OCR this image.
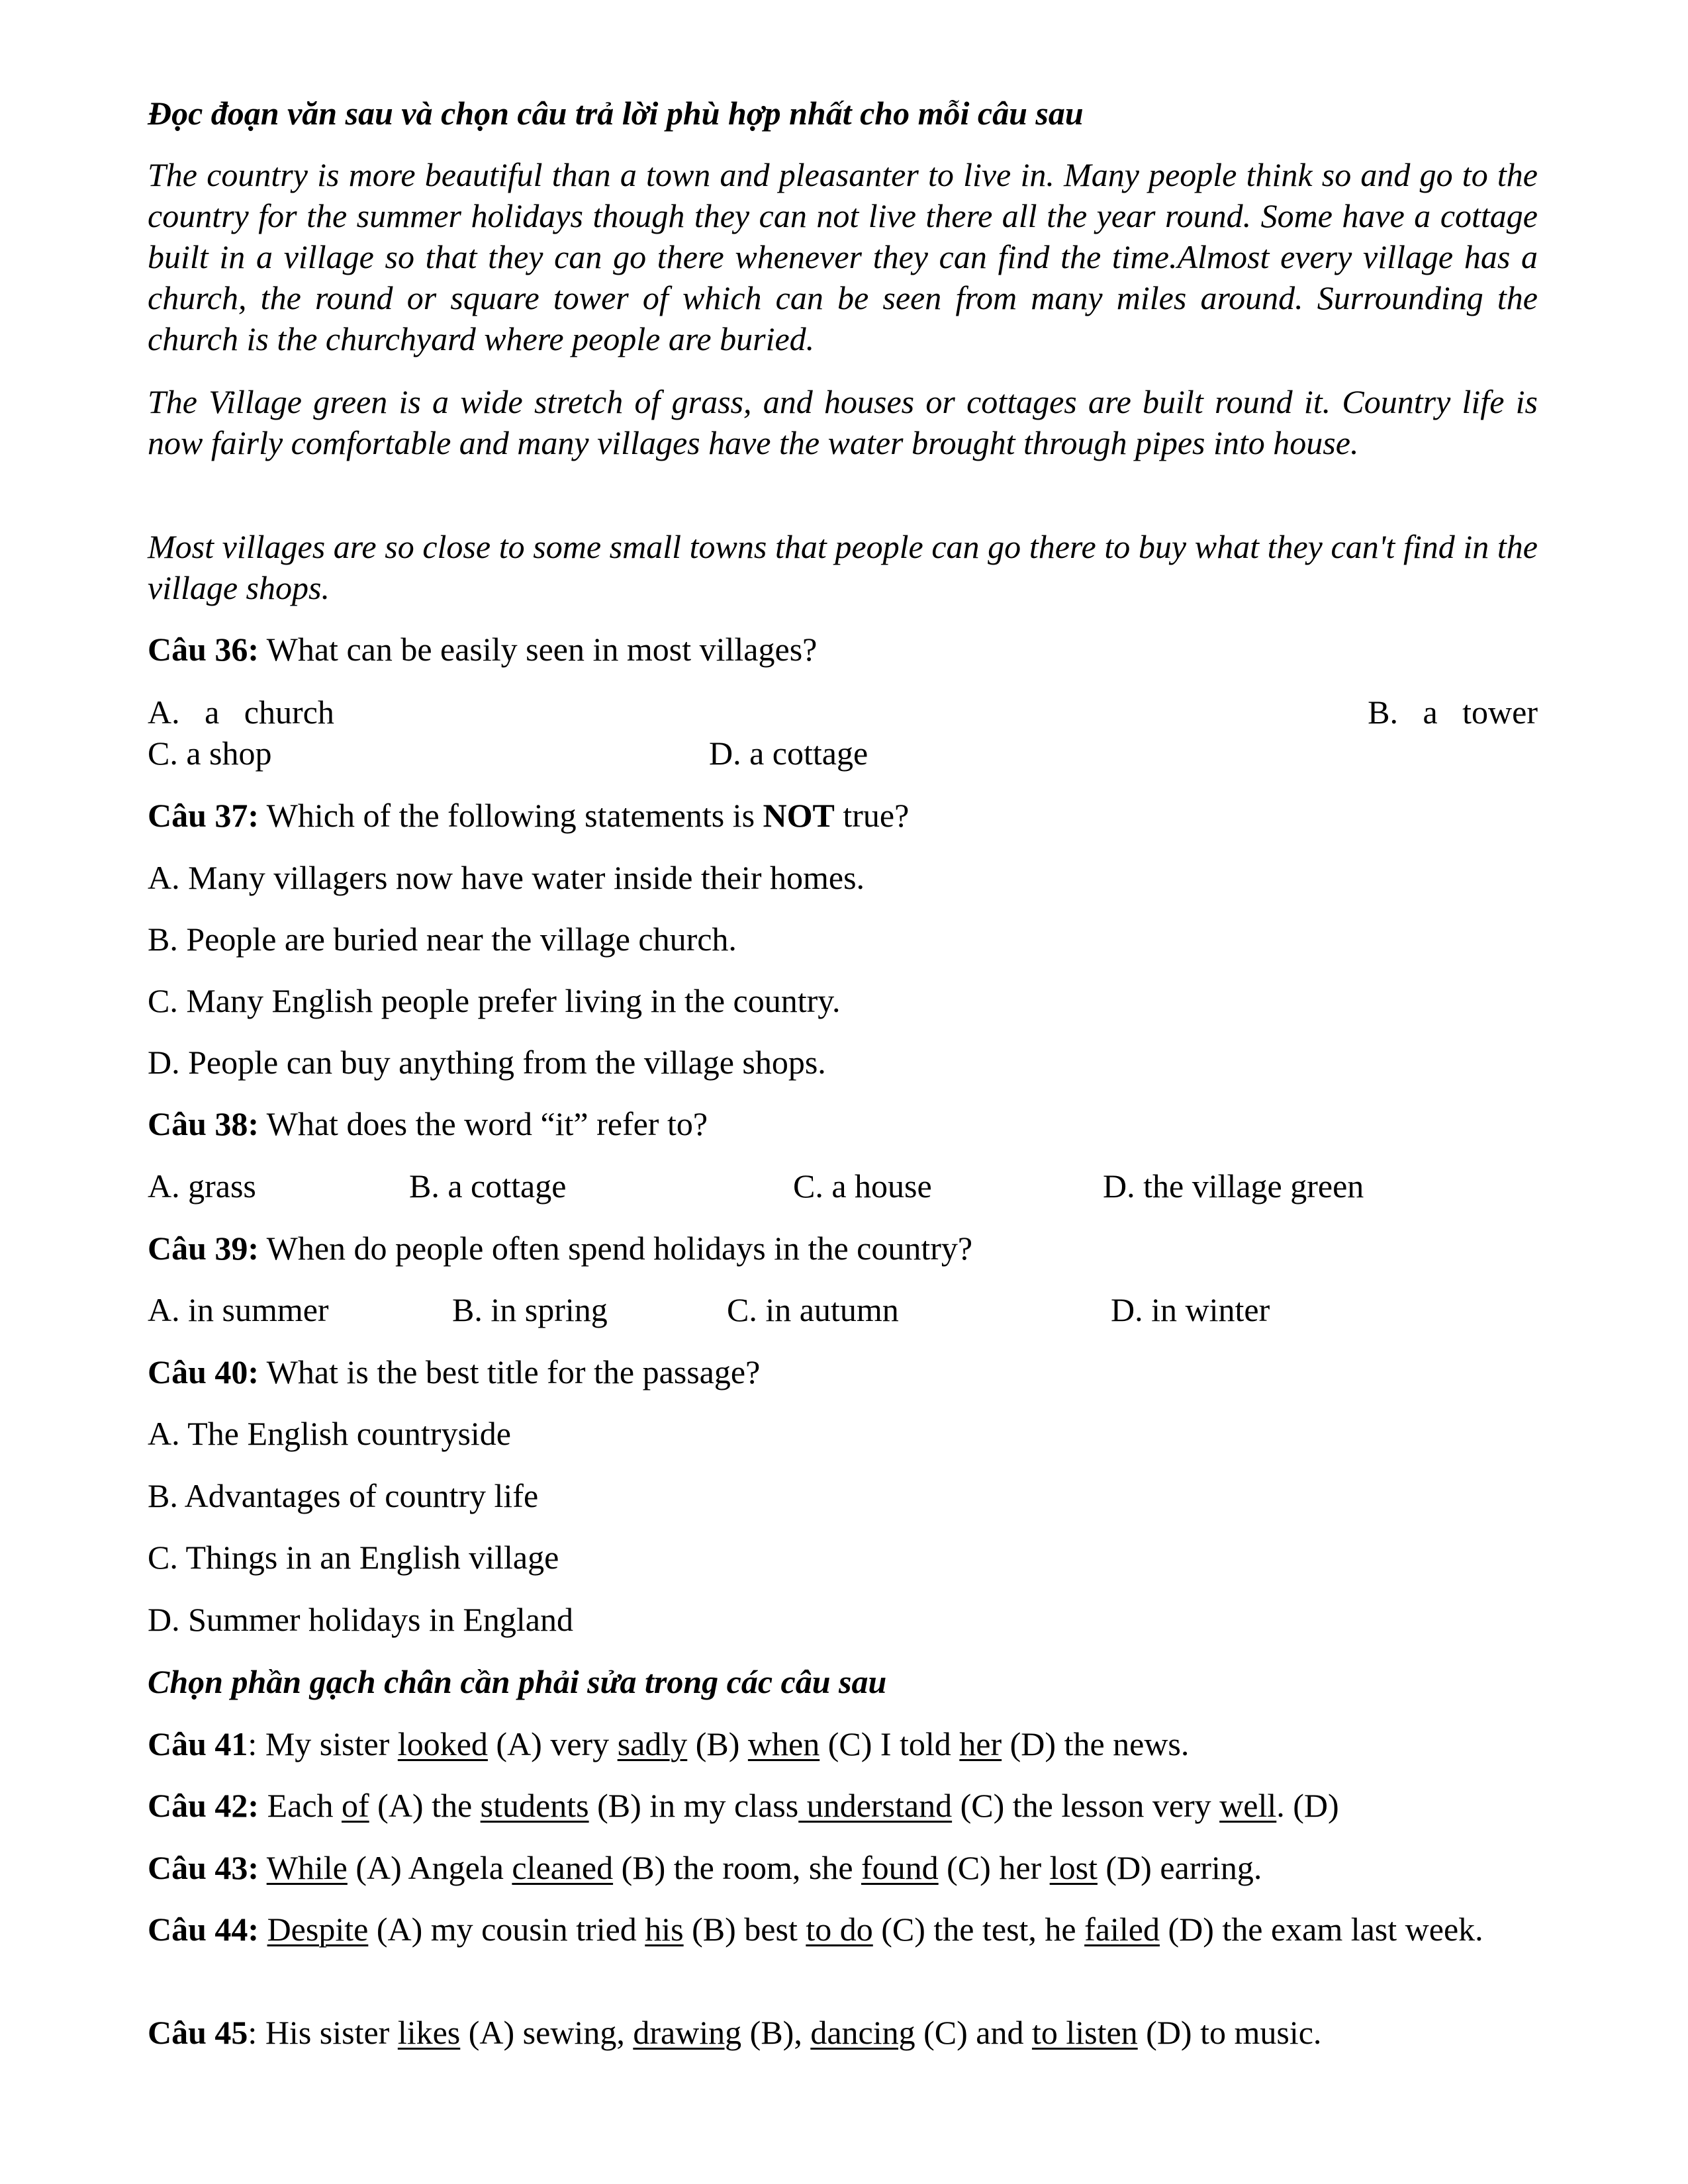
Đọc đoạn văn sau và chọn câu trả lời phù hợp nhất cho mỗi câu sau

The country is more beautiful than a town and pleasanter to live in. Many people think so and go to the country for the summer holidays though they can not live there all the year round. Some have a cottage built in a village so that they can go there whenever they can find the time.Almost every village has a church, the round or square tower of which can be seen from many miles around. Surrounding the church is the churchyard where people are buried.

The Village green is a wide stretch of grass, and houses or cottages are built round it. Country life is now fairly comfortable and many villages have the water brought through pipes into house.

Most villages are so close to some small towns that people can go there to buy what they can't find in the village shops.

Câu 36: What can be easily seen in most villages?

A.   a   church	B.   a   tower
C. a shop	D. a cottage

Câu 37: Which of the following statements is NOT true?

A. Many villagers now have water inside their homes.

B. People are buried near the village church.

C. Many English people prefer living in the country.

D. People can buy anything from the village shops.

Câu 38: What does the word “it” refer to?

A. grass	B. a cottage	C. a house	D. the village green

Câu 39: When do people often spend holidays in the country?

A. in summer	B. in spring	C. in autumn	D. in winter

Câu 40: What is the best title for the passage?

A. The English countryside

B. Advantages of country life

C. Things in an English village

D. Summer holidays in England

Chọn phần gạch chân cần phải sửa trong các câu sau

Câu 41: My sister looked (A) very sadly (B) when (C) I told her (D) the news.

Câu 42: Each of (A) the students (B) in my class understand (C) the lesson very well. (D)

Câu 43: While (A) Angela cleaned (B) the room, she found (C) her lost (D) earring.

Câu 44: Despite (A) my cousin tried his (B) best to do (C) the test, he failed (D) the exam last week.

Câu 45: His sister likes (A) sewing, drawing (B), dancing (C) and to listen (D) to music.
